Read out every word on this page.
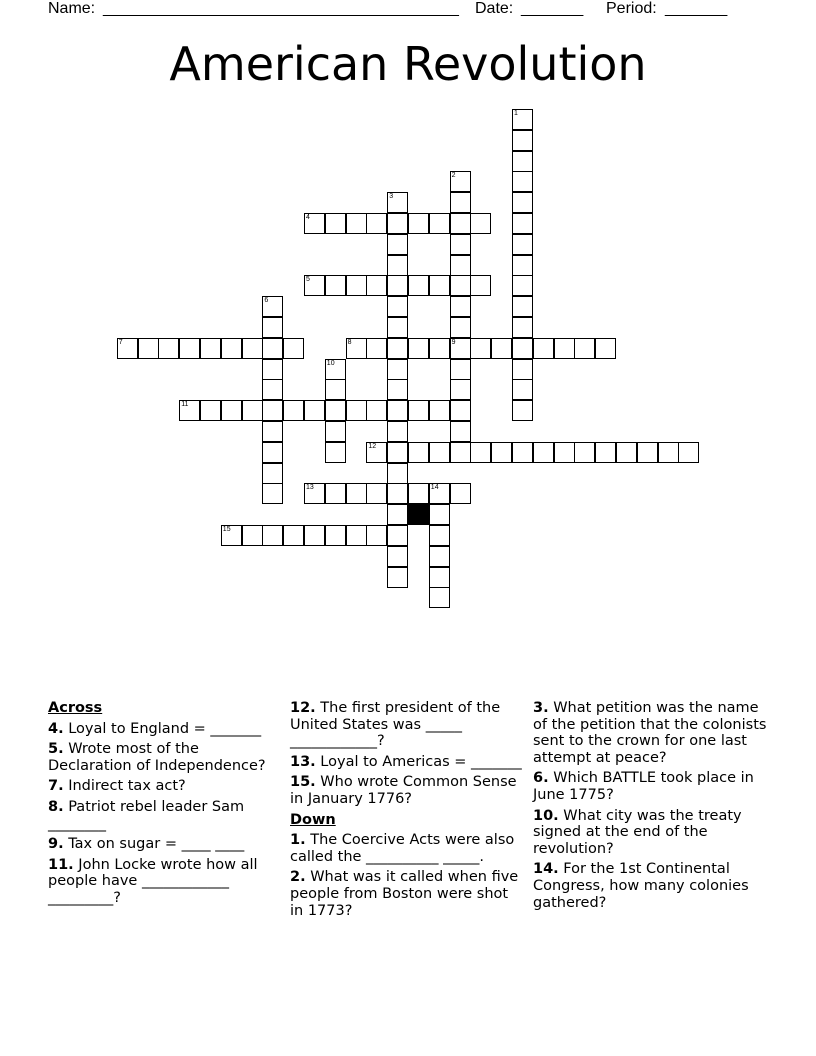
Name: ________________________________________ Date: _______ Period: _______
American Revolution
1
2
9
3
4
5
6
7	8
10
11
12
13	14
15
Across
4. Loyal to England = _______
5. Wrote most of the Declaration of Independence?
7. Indirect tax act?
8. Patriot rebel leader Sam ________
9. Tax on sugar = ____ ____
11. John Locke wrote how all people have ____________ _________?
12. The first president of the United States was _____ ____________?
13. Loyal to Americas = _______
15. Who wrote Common Sense in January 1776?
Down
1. The Coercive Acts were also called the __________ _____.
2. What was it called when five people from Boston were shot in 1773?
3. What petition was the name of the petition that the colonists sent to the crown for one last attempt at peace?
6. Which BATTLE took place in June 1775?
10. What city was the treaty signed at the end of the revolution?
14. For the 1st Continental Congress, how many colonies gathered?
